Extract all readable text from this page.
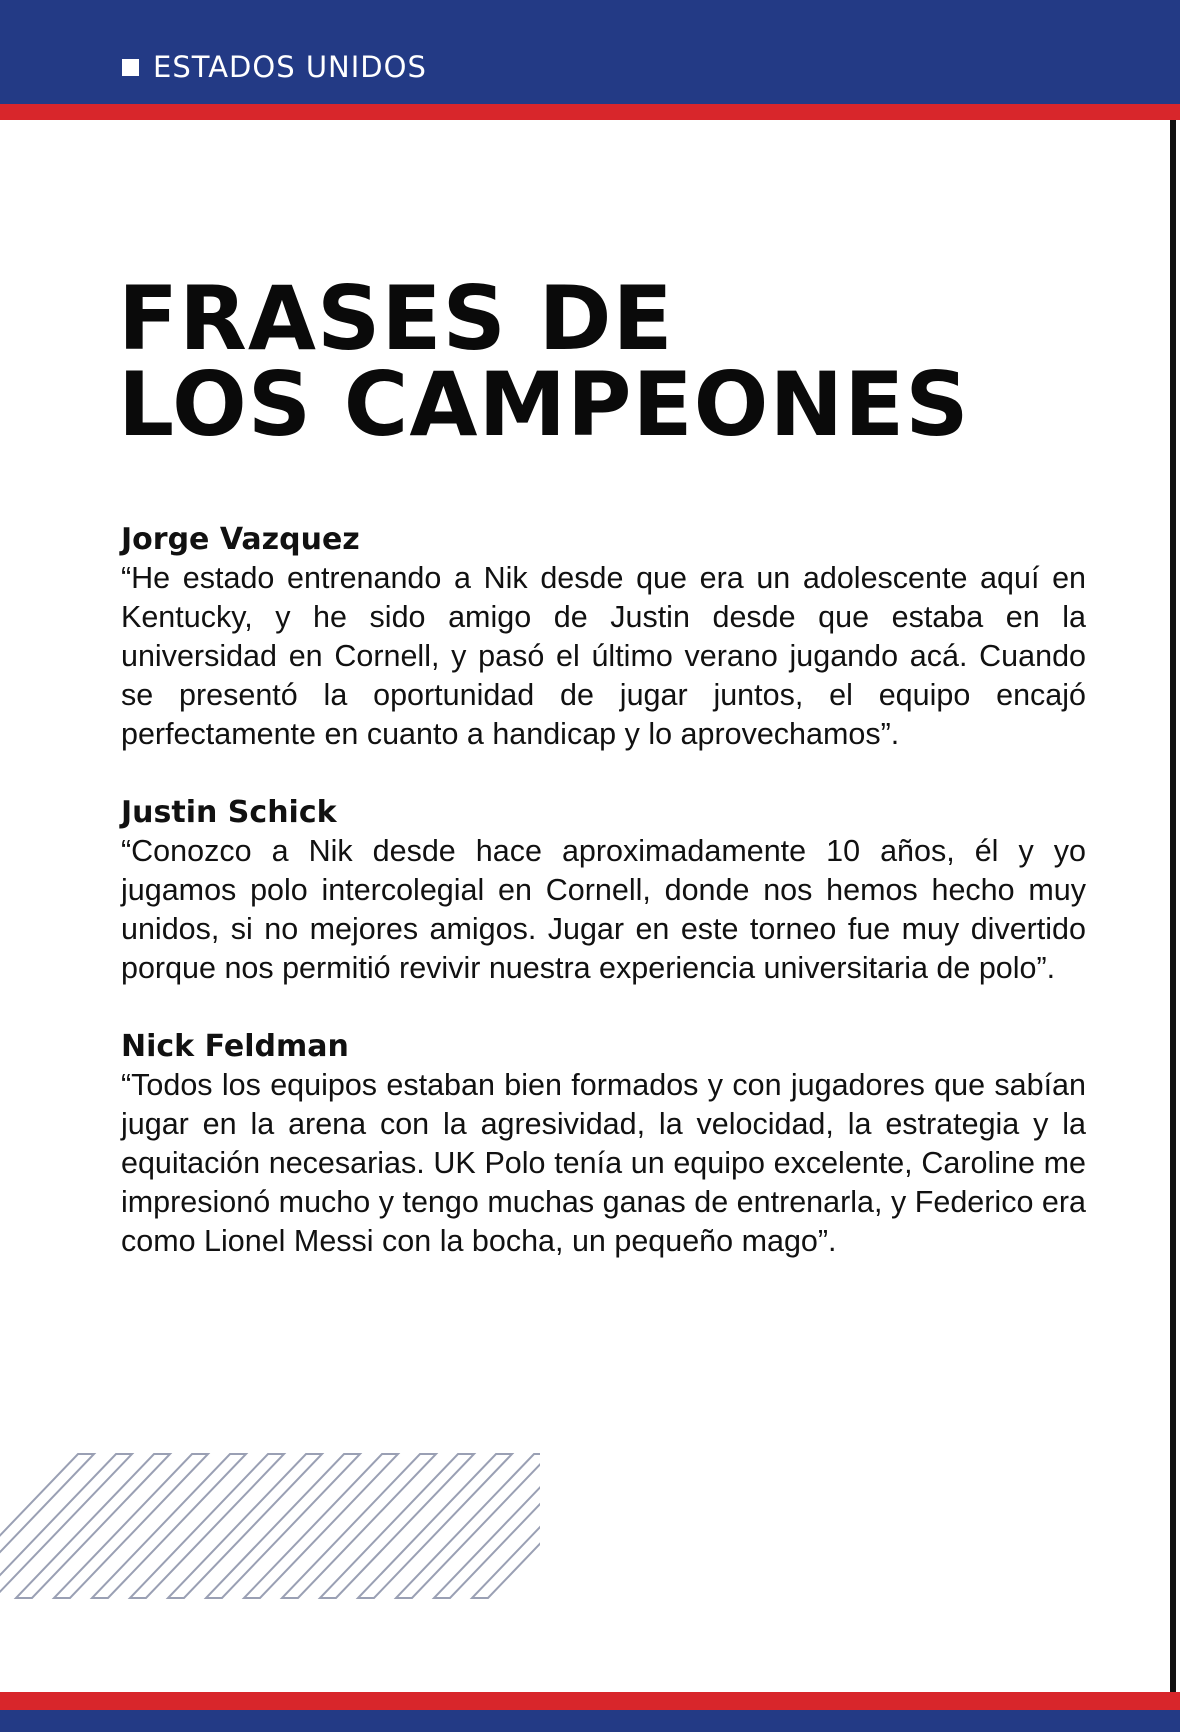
ESTADOS UNIDOS
FRASES DE
LOS CAMPEONES

Jorge Vazquez

“He estado entrenando a Nik desde que era un adolescente aquí en Kentucky, y he sido amigo de Justin desde que estaba en la universidad en Cornell, y pasó el último verano jugando acá. Cuando se presentó la oportunidad de jugar juntos, el equipo encajó perfectamente en cuanto a handicap y lo aprovechamos”.

Justin Schick

“Conozco a Nik desde hace aproximadamente 10 años, él y yo jugamos polo intercolegial en Cornell, donde nos hemos hecho muy unidos, si no mejores amigos. Jugar en este torneo fue muy divertido porque nos permitió revivir nuestra experiencia universitaria de polo”.

Nick Feldman

“Todos los equipos estaban bien formados y con jugadores que sabían jugar en la arena con la agresividad, la velocidad, la estrategia y la equitación necesarias. UK Polo tenía un equipo excelente, Caroline me impresionó mucho y tengo muchas ganas de entrenarla, y Federico era como Lionel Messi con la bocha, un pequeño mago”.
